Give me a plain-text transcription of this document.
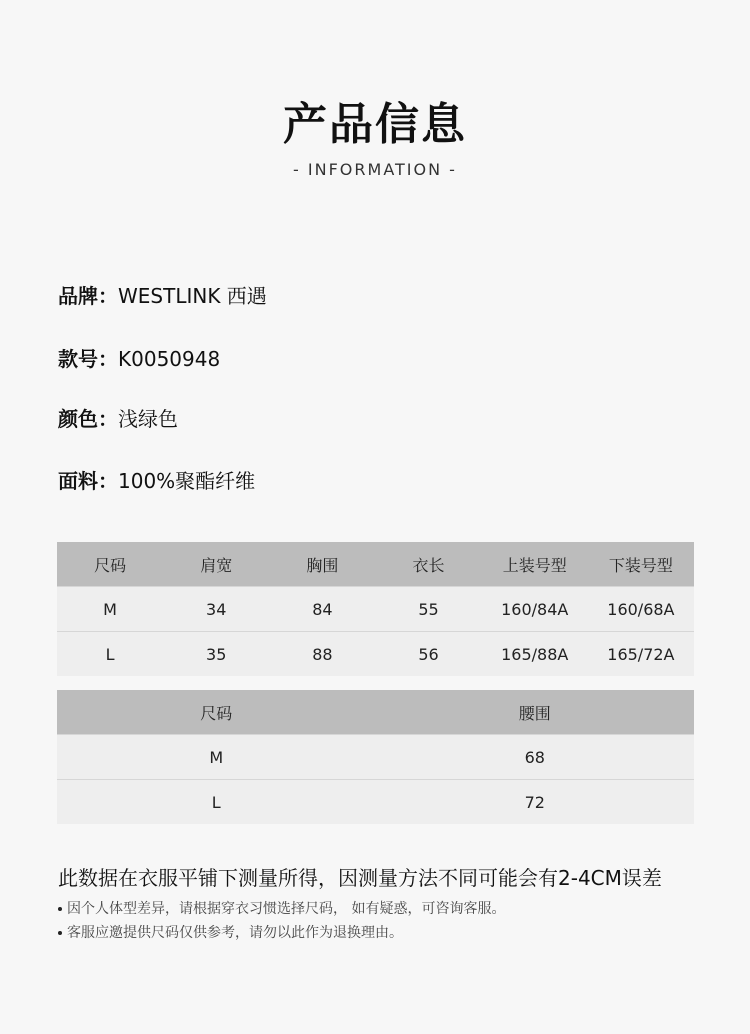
产品信息
- INFORMATION -
品牌：WESTLINK 西遇
款号：K0050948
颜色：浅绿色
面料：100%聚酯纤维
尺码	肩宽	胸围	衣长	上装号型	下装号型
M	34	84	55	160/84A	160/68A
L	35	88	56	165/88A	165/72A
尺码	腰围
M	68
L	72
此数据在衣服平铺下测量所得，因测量方法不同可能会有2-4CM误差
因个人体型差异，请根据穿衣习惯选择尺码， 如有疑惑，可咨询客服。
客服应邀提供尺码仅供参考，请勿以此作为退换理由。
